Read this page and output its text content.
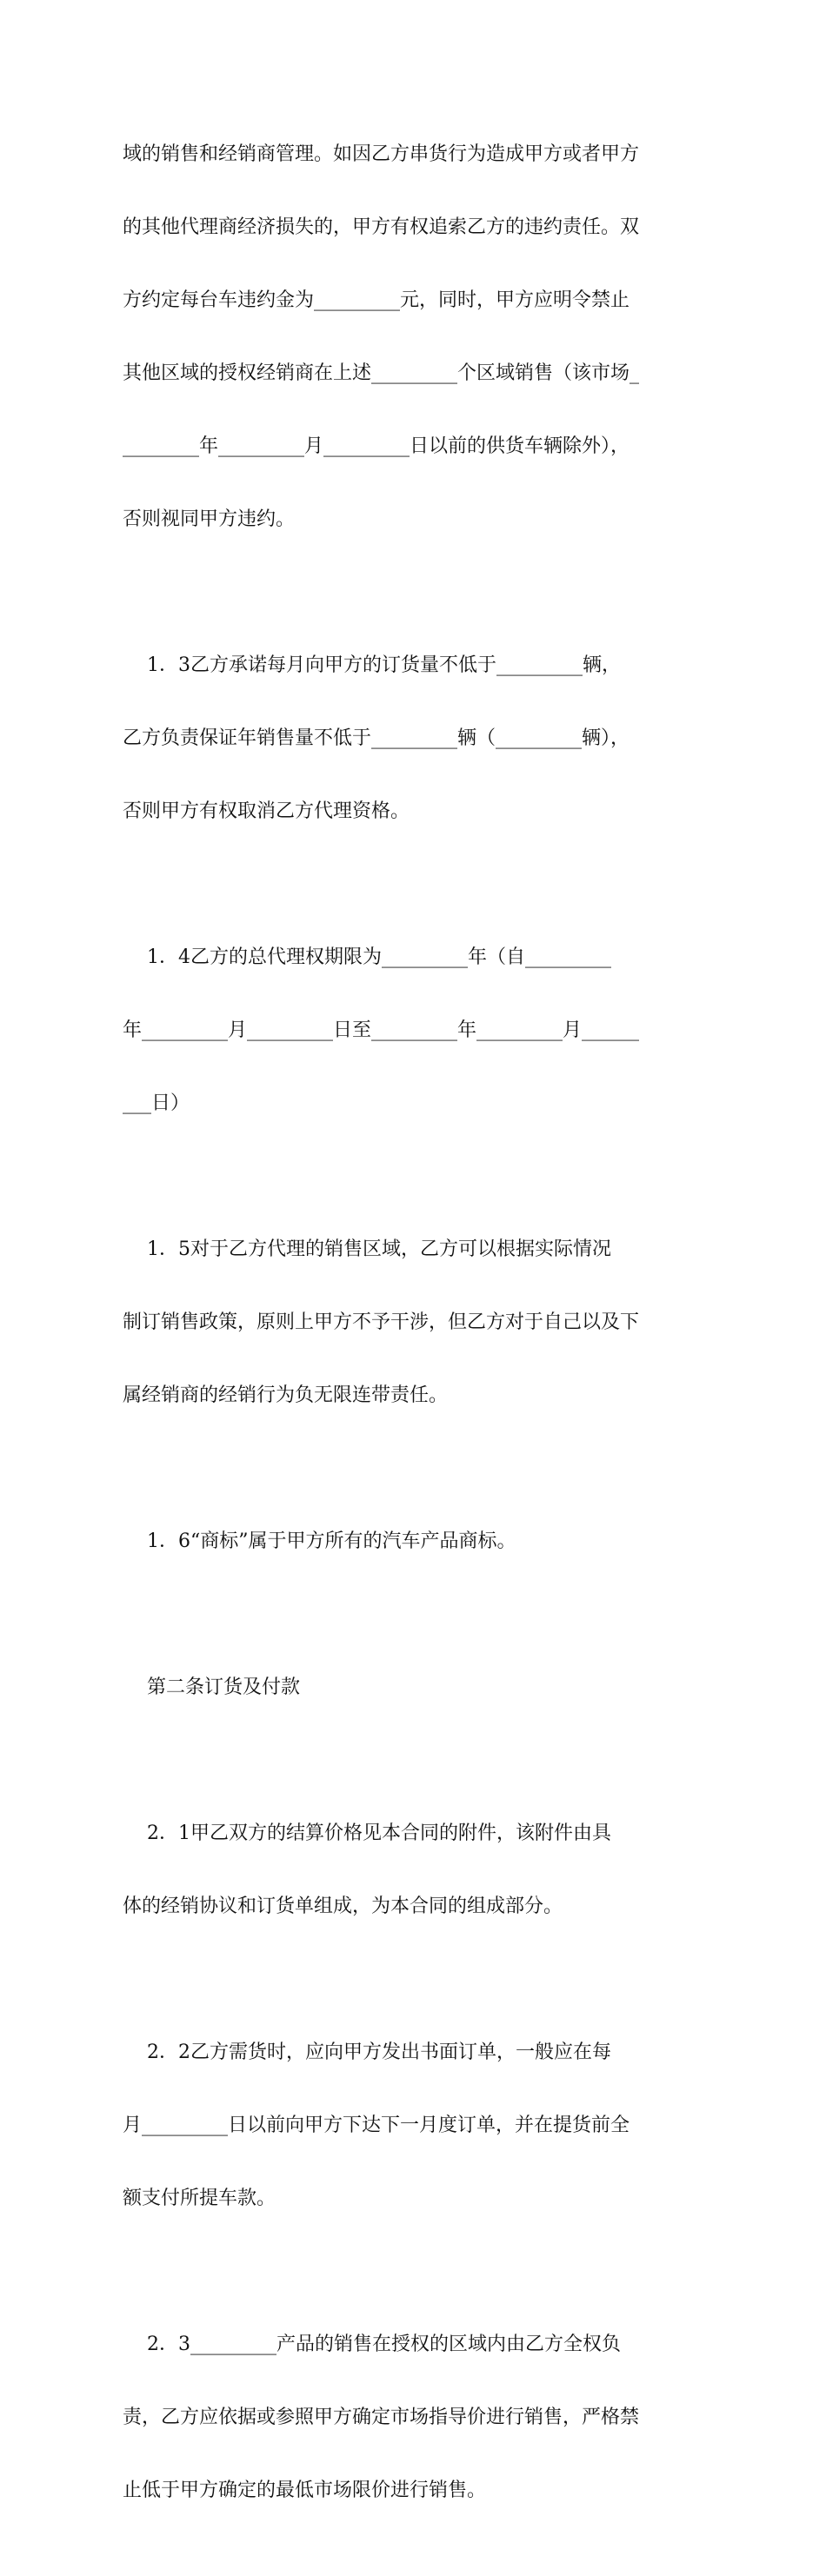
域的销售和经销商管理。如因乙方串货行为造成甲方或者甲方

的其他代理商经济损失的，甲方有权追索乙方的违约责任。双

方约定每台车违约金为_________元，同时，甲方应明令禁止

其他区域的授权经销商在上述_________个区域销售（该市场_

________年_________月_________日以前的供货车辆除外），

否则视同甲方违约。

1．3乙方承诺每月向甲方的订货量不低于_________辆，

乙方负责保证年销售量不低于_________辆（_________辆），

否则甲方有权取消乙方代理资格。

1．4乙方的总代理权期限为_________年（自_________

年_________月_________日至_________年_________月______

___日）

1．5对于乙方代理的销售区域，乙方可以根据实际情况

制订销售政策，原则上甲方不予干涉，但乙方对于自己以及下

属经销商的经销行为负无限连带责任。

1．6“商标”属于甲方所有的汽车产品商标。

第二条订货及付款

2．1甲乙双方的结算价格见本合同的附件，该附件由具

体的经销协议和订货单组成，为本合同的组成部分。

2．2乙方需货时，应向甲方发出书面订单，一般应在每

月_________日以前向甲方下达下一月度订单，并在提货前全

额支付所提车款。

2．3_________产品的销售在授权的区域内由乙方全权负

责，乙方应依据或参照甲方确定市场指导价进行销售，严格禁

止低于甲方确定的最低市场限价进行销售。
